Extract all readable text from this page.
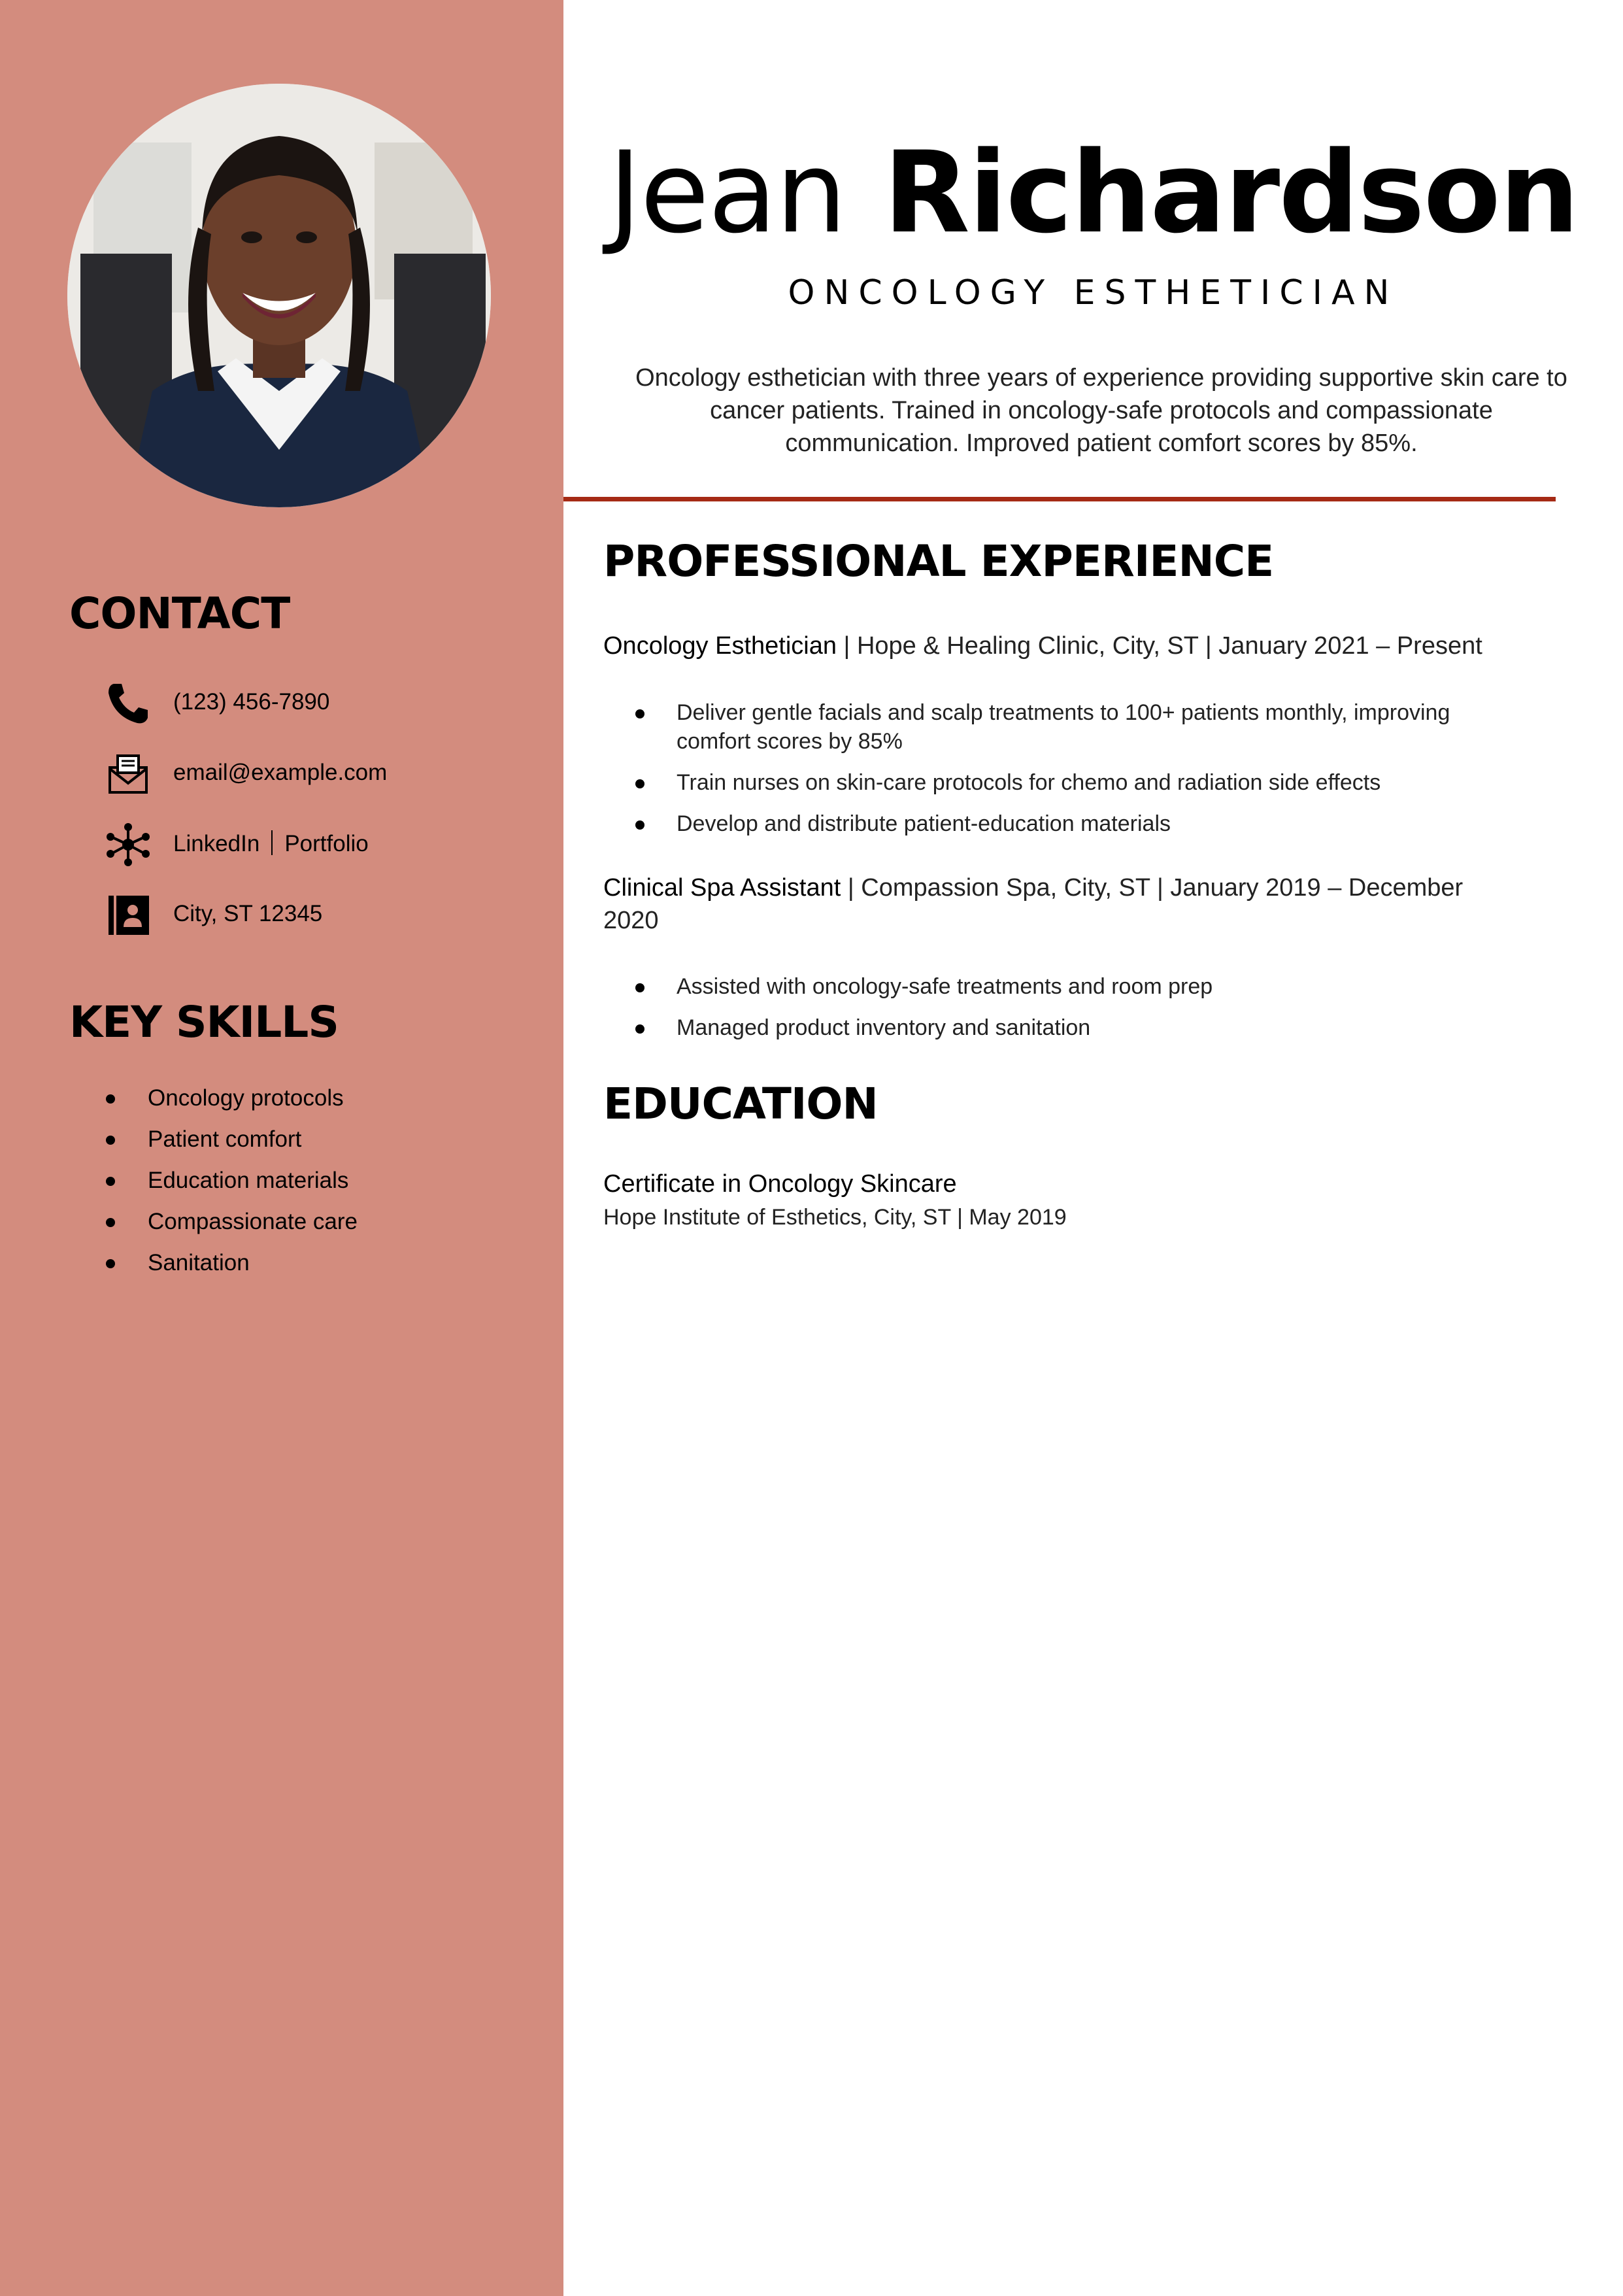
CONTACT
(123) 456-7890
email@example.com
LinkedIn Portfolio
City, ST 12345
KEY SKILLS
Oncology protocols
Patient comfort
Education materials
Compassionate care
Sanitation
Jean Richardson
ONCOLOGY ESTHETICIAN

Oncology esthetician with three years of experience providing supportive skin care to cancer patients. Trained in oncology-safe protocols and compassionate communication. Improved patient comfort scores by 85%.

PROFESSIONAL EXPERIENCE

Oncology Esthetician | Hope & Healing Clinic, City, ST | January 2021 – Present

Deliver gentle facials and scalp treatments to 100+ patients monthly, improving comfort scores by 85%
Train nurses on skin-care protocols for chemo and radiation side effects
Develop and distribute patient-education materials

Clinical Spa Assistant | Compassion Spa, City, ST | January 2019 – December 2020

Assisted with oncology-safe treatments and room prep
Managed product inventory and sanitation
EDUCATION

Certificate in Oncology Skincare

Hope Institute of Esthetics, City, ST | May 2019
